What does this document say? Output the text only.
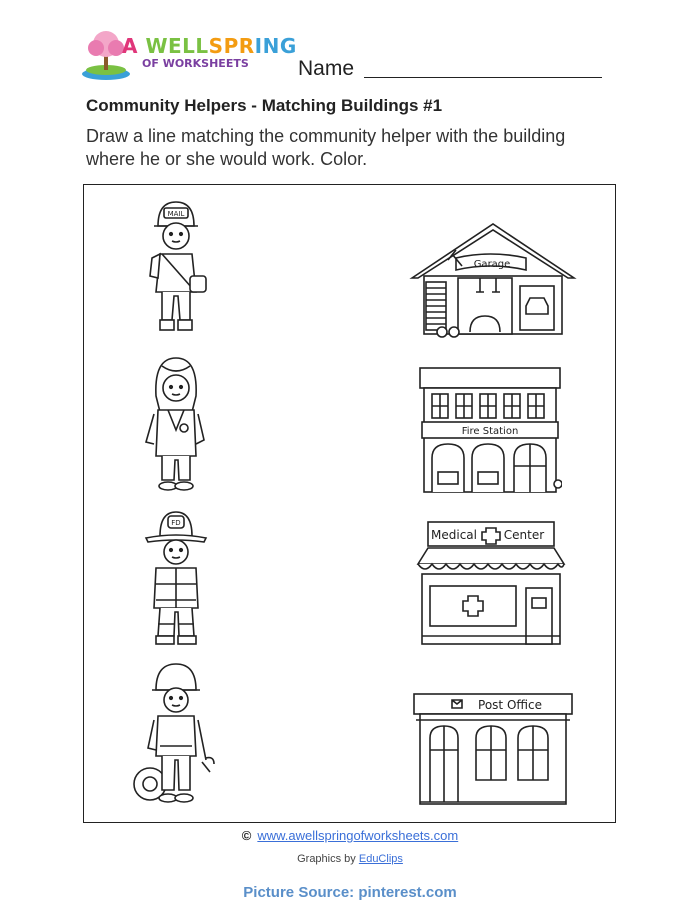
A WELLSPRING
OF WORKSHEETS Name
Community Helpers - Matching Buildings #1
Draw a line matching the community helper with the building where he or she would work. Color.
MAIL
FD
Garage
Fire Station
Medical Center
Post Office
© www.awellspringofworksheets.com
Graphics by EduClips
Picture Source: pinterest.com
